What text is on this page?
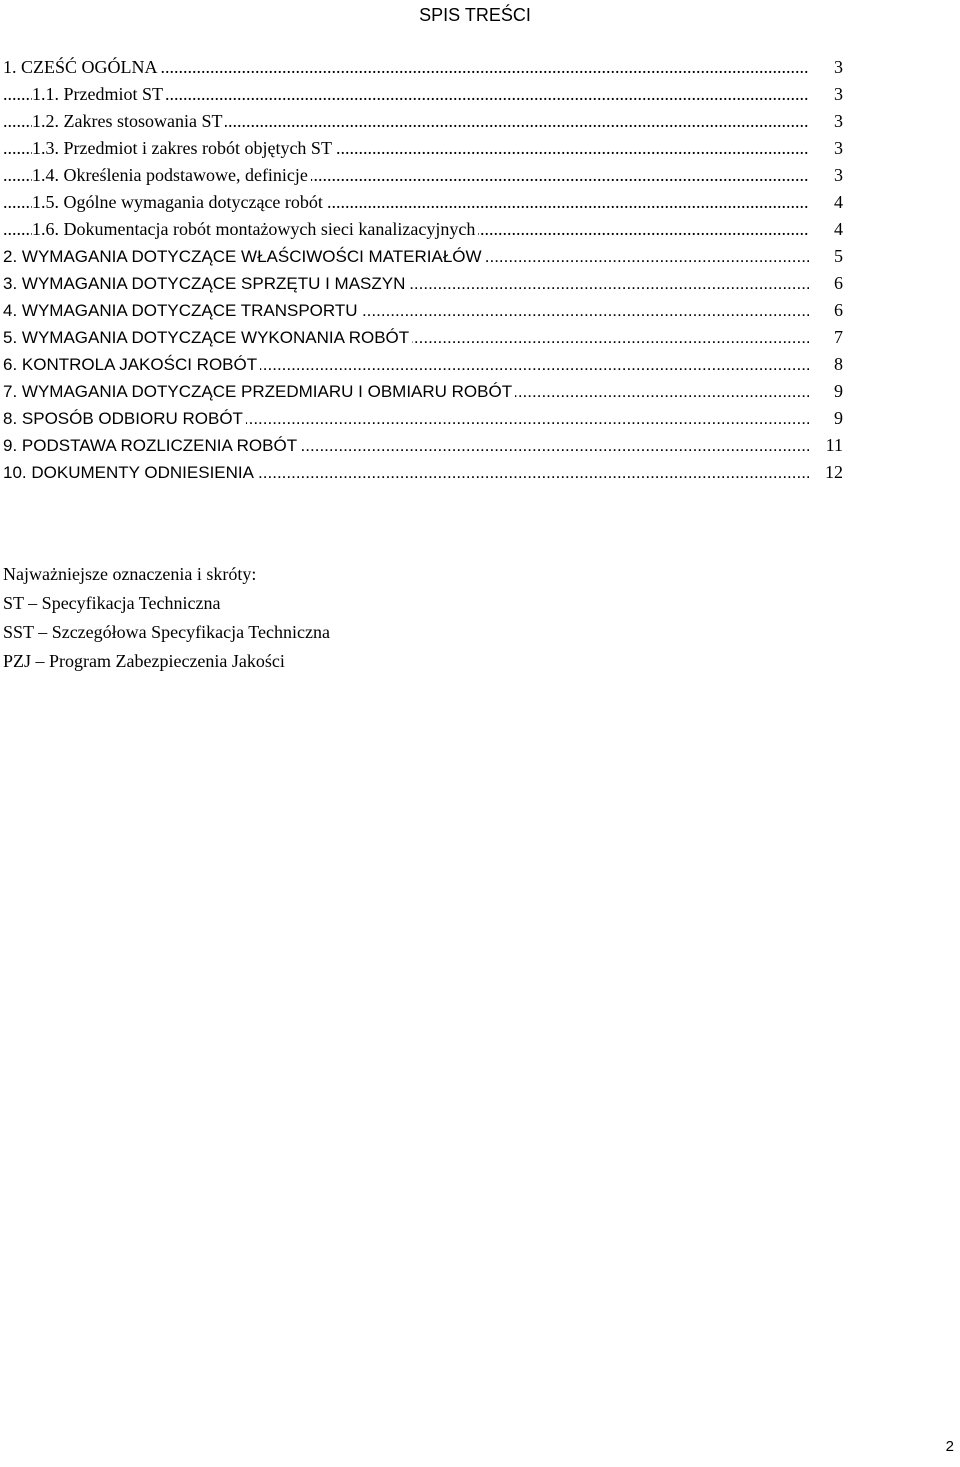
SPIS TREŚCI
.....
1. CZEŚĆ OGÓLNA	3
.....
1.1. Przedmiot ST	3
.....
1.2. Zakres stosowania ST	3
.....
1.3. Przedmiot i zakres robót objętych ST	3
.....
1.4. Określenia podstawowe, definicje	3
.....
1.5. Ogólne wymagania dotyczące robót	4
.....
1.6. Dokumentacja robót montażowych sieci kanalizacyjnych	4
.....
2. WYMAGANIA DOTYCZĄCE WŁAŚCIWOŚCI MATERIAŁÓW	5
.....
3. WYMAGANIA DOTYCZĄCE SPRZĘTU I MASZYN	6
.....
4. WYMAGANIA DOTYCZĄCE TRANSPORTU	6
.....
5. WYMAGANIA DOTYCZĄCE WYKONANIA ROBÓT	7
.....
6. KONTROLA JAKOŚCI ROBÓT	8
.....
7. WYMAGANIA DOTYCZĄCE PRZEDMIARU I OBMIARU ROBÓT	9
.....
8. SPOSÓB ODBIORU ROBÓT	9
.....
9. PODSTAWA ROZLICZENIA ROBÓT	11
.....
10. DOKUMENTY ODNIESIENIA	12
Najważniejsze oznaczenia i skróty:
ST – Specyfikacja Techniczna
SST – Szczegółowa Specyfikacja Techniczna
PZJ – Program Zabezpieczenia Jakości
2
